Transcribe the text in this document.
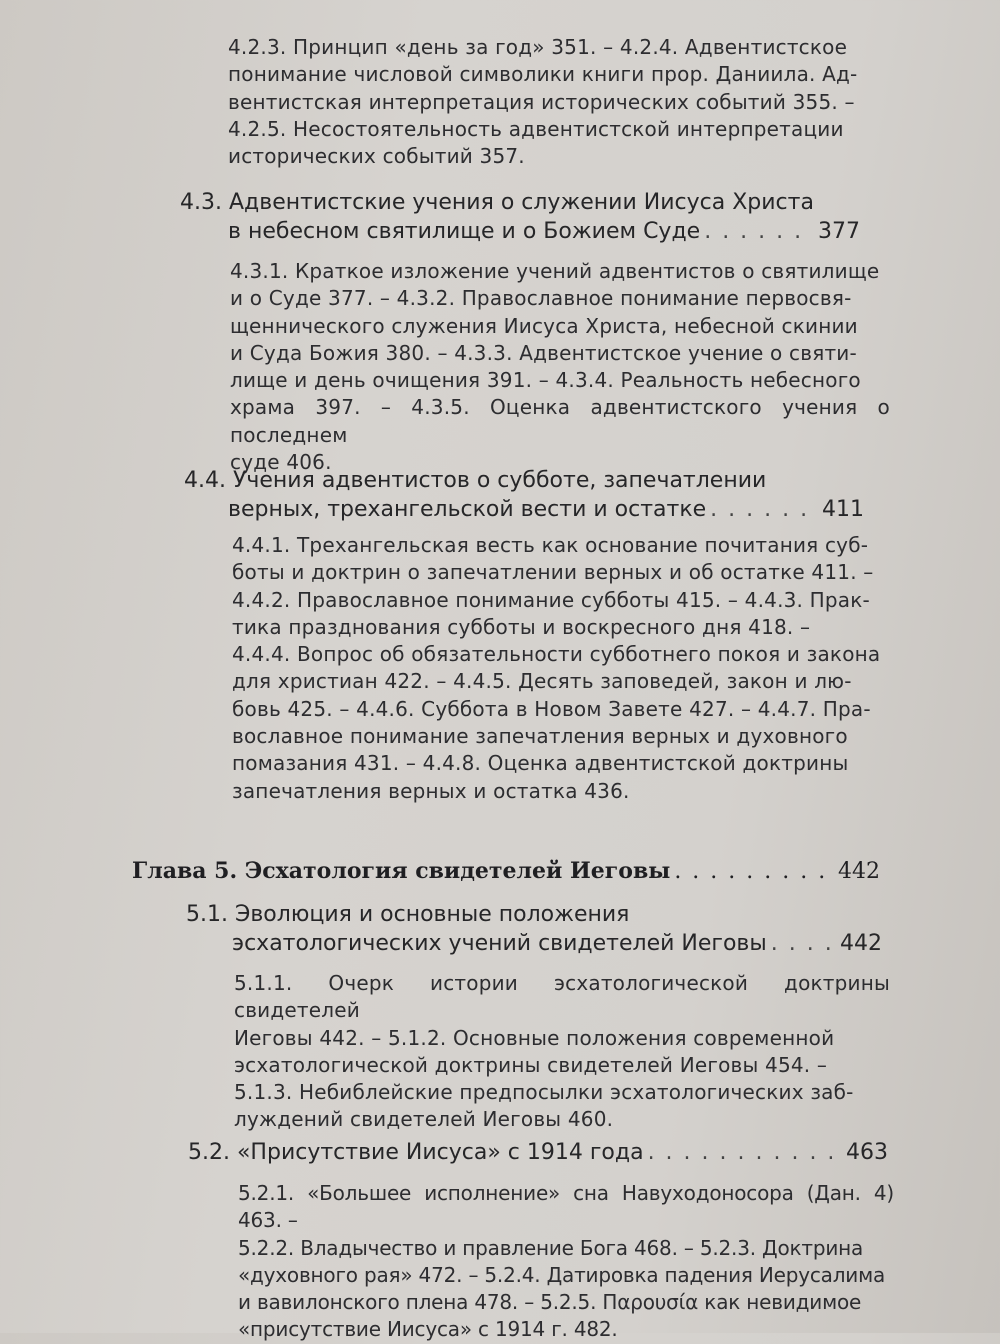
4.2.3. Принцип «день за год» 351. – 4.2.4. Адвентистское
понимание числовой символики книги прор. Даниила. Ад-
вентистская интерпретация исторических событий 355. –
4.2.5. Несостоятельность адвентистской интерпретации
исторических событий 357.
4.3. Адвентистские учения о служении Иисуса Христа
в небесном святилище и о Божием Суде . . .	377
4.3.1. Краткое изложение учений адвентистов о святилище
и о Суде 377. – 4.3.2. Православное понимание первосвя-
щеннического служения Иисуса Христа, небесной скинии
и Суда Божия 380. – 4.3.3. Адвентистское учение о святи-
лище и день очищения 391. – 4.3.4. Реальность небесного
храма 397. – 4.3.5. Оценка адвентистского учения о последнем
суде 406.
4.4. Учения адвентистов о субботе, запечатлении
верных, трехангельской вести и остатке . . .	411
4.4.1. Трехангельская весть как основание почитания суб-
боты и доктрин о запечатлении верных и об остатке 411. –
4.4.2. Православное понимание субботы 415. – 4.4.3. Прак-
тика празднования субботы и воскресного дня 418. –
4.4.4. Вопрос об обязательности субботнего покоя и закона
для христиан 422. – 4.4.5. Десять заповедей, закон и лю-
бовь 425. – 4.4.6. Суббота в Новом Завете 427. – 4.4.7. Пра-
вославное понимание запечатления верных и духовного
помазания 431. – 4.4.8. Оценка адвентистской доктрины
запечатления верных и остатка 436.
Глава 5. Эсхатология свидетелей Иеговы . . .	442
5.1. Эволюция и основные положения
эсхатологических учений свидетелей Иеговы . . .	442
5.1.1. Очерк истории эсхатологической доктрины свидетелей
Иеговы 442. – 5.1.2. Основные положения современной
эсхатологической доктрины свидетелей Иеговы 454. –
5.1.3. Небиблейские предпосылки эсхатологических заб-
луждений свидетелей Иеговы 460.
5.2. «Присутствие Иисуса» с 1914 года . . .	463
5.2.1. «Большее исполнение» сна Навуходоносора (Дан. 4) 463. –
5.2.2. Владычество и правление Бога 468. – 5.2.3. Доктрина
«духовного рая» 472. – 5.2.4. Датировка падения Иерусалима
и вавилонского плена 478. – 5.2.5. Παρουσία как невидимое
«присутствие Иисуса» с 1914 г. 482.
